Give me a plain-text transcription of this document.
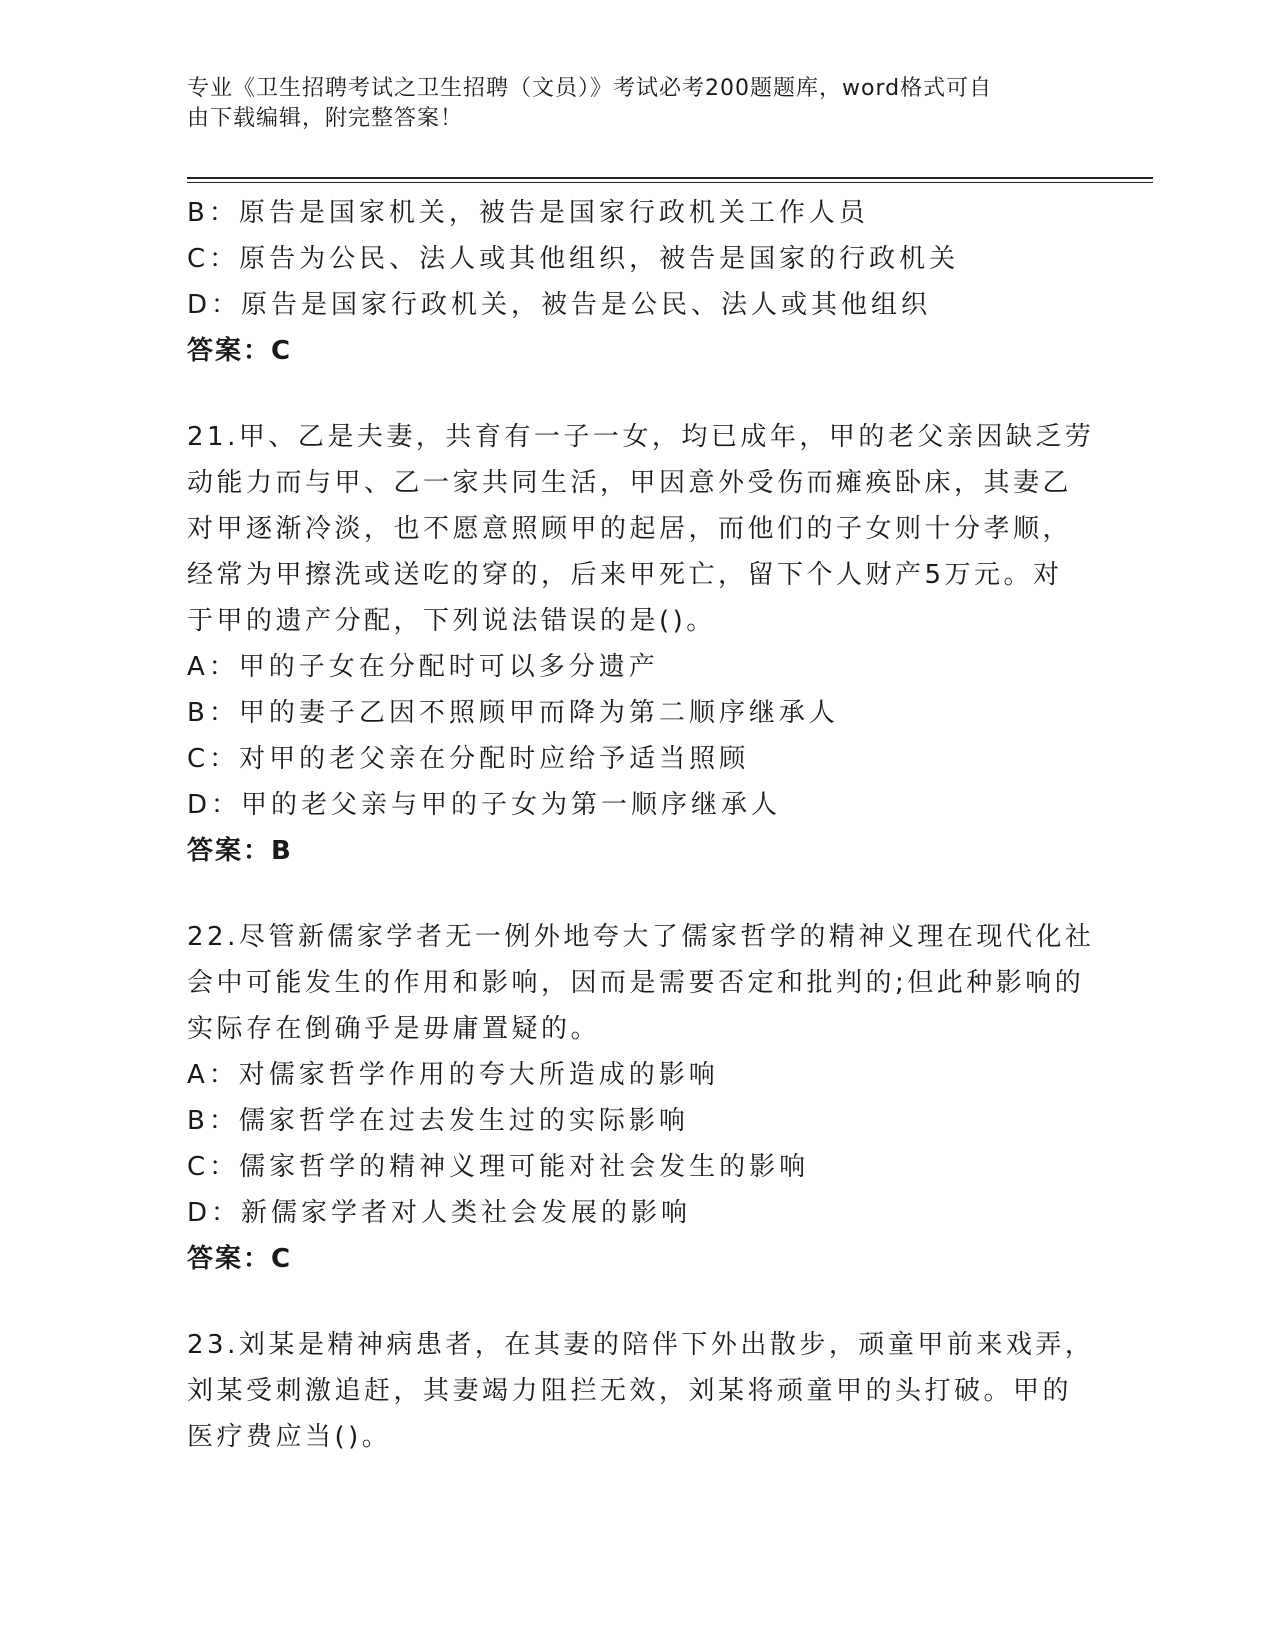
专业《卫生招聘考试之卫生招聘（文员）》考试必考200题题库，word格式可自
由下载编辑，附完整答案！
B：原告是国家机关，被告是国家行政机关工作人员
C：原告为公民、法人或其他组织，被告是国家的行政机关
D：原告是国家行政机关，被告是公民、法人或其他组织
答案：C
21.甲、乙是夫妻，共育有一子一女，均已成年，甲的老父亲因缺乏劳
动能力而与甲、乙一家共同生活，甲因意外受伤而瘫痪卧床，其妻乙
对甲逐渐冷淡，也不愿意照顾甲的起居，而他们的子女则十分孝顺，
经常为甲擦洗或送吃的穿的，后来甲死亡，留下个人财产5万元。对
于甲的遗产分配，下列说法错误的是()。
A：甲的子女在分配时可以多分遗产
B：甲的妻子乙因不照顾甲而降为第二顺序继承人
C：对甲的老父亲在分配时应给予适当照顾
D：甲的老父亲与甲的子女为第一顺序继承人
答案：B
22.尽管新儒家学者无一例外地夸大了儒家哲学的精神义理在现代化社
会中可能发生的作用和影响，因而是需要否定和批判的;但此种影响的
实际存在倒确乎是毋庸置疑的。
A：对儒家哲学作用的夸大所造成的影响
B：儒家哲学在过去发生过的实际影响
C：儒家哲学的精神义理可能对社会发生的影响
D：新儒家学者对人类社会发展的影响
答案：C
23.刘某是精神病患者，在其妻的陪伴下外出散步，顽童甲前来戏弄，
刘某受刺激追赶，其妻竭力阻拦无效，刘某将顽童甲的头打破。甲的
医疗费应当()。
